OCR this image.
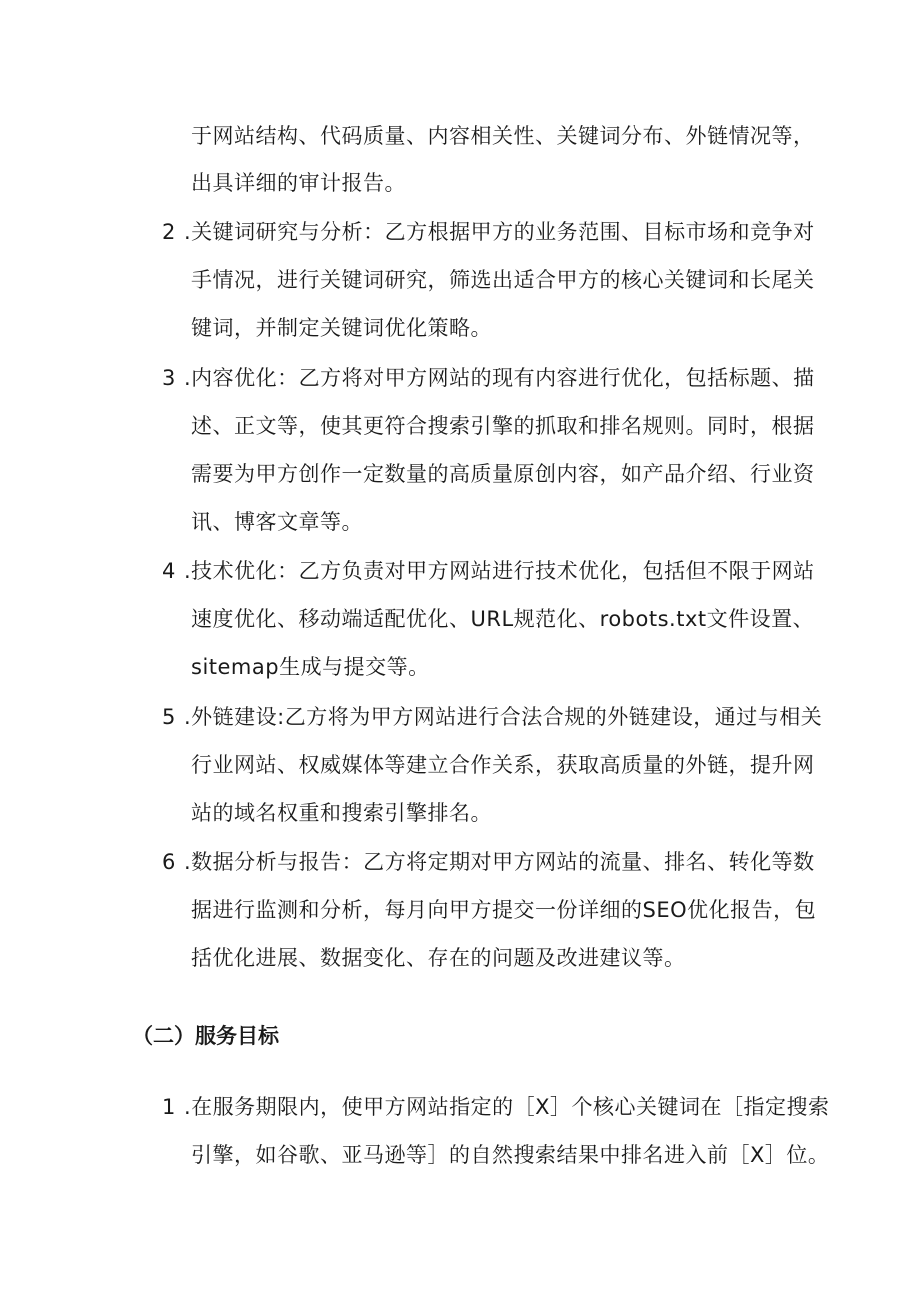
于网站结构、代码质量、内容相关性、关键词分布、外链情况等，
出具详细的审计报告。
2 .关键词研究与分析：乙方根据甲方的业务范围、目标市场和竞争对
手情况，进行关键词研究，筛选出适合甲方的核心关键词和长尾关
键词，并制定关键词优化策略。
3 .内容优化：乙方将对甲方网站的现有内容进行优化，包括标题、描
述、正文等，使其更符合搜索引擎的抓取和排名规则。同时，根据
需要为甲方创作一定数量的高质量原创内容，如产品介绍、行业资
讯、博客文章等。
4 .技术优化：乙方负责对甲方网站进行技术优化，包括但不限于网站
速度优化、移动端适配优化、URL规范化、robots.txt文件设置、
sitemap生成与提交等。
5 .外链建设:乙方将为甲方网站进行合法合规的外链建设，通过与相关
行业网站、权威媒体等建立合作关系，获取高质量的外链，提升网
站的域名权重和搜索引擎排名。
6 .数据分析与报告：乙方将定期对甲方网站的流量、排名、转化等数
据进行监测和分析，每月向甲方提交一份详细的SEO优化报告，包
括优化进展、数据变化、存在的问题及改进建议等。
（二）服务目标
1 .在服务期限内，使甲方网站指定的［X］个核心关键词在［指定搜索
引擎，如谷歌、亚马逊等］的自然搜索结果中排名进入前［X］位。
